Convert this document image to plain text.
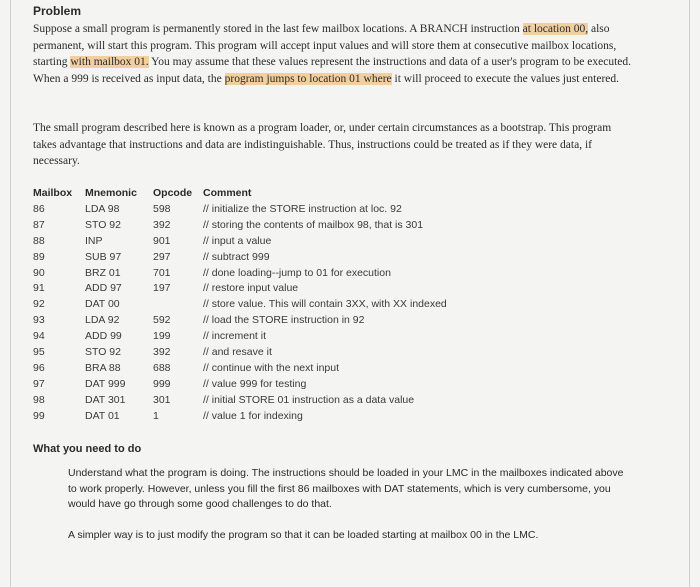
Problem
Suppose a small program is permanently stored in the last few mailbox locations. A BRANCH instruction at location 00, also permanent, will start this program. This program will accept input values and will store them at consecutive mailbox locations, starting with mailbox 01. You may assume that these values represent the instructions and data of a user's program to be executed. When a 999 is received as input data, the program jumps to location 01 where it will proceed to execute the values just entered.
The small program described here is known as a program loader, or, under certain circumstances as a bootstrap. This program takes advantage that instructions and data are indistinguishable. Thus, instructions could be treated as if they were data, if necessary.
Mailbox	Mnemonic	Opcode	Comment
86	LDA 98	598	// initialize the STORE instruction at loc. 92
87	STO 92	392	// storing the contents of mailbox 98, that is 301
88	INP	901	// input a value
89	SUB 97	297	// subtract 999
90	BRZ 01	701	// done loading--jump to 01 for execution
91	ADD 97	197	// restore input value
92	DAT 00		// store value. This will contain 3XX, with XX indexed
93	LDA 92	592	// load the STORE instruction in 92
94	ADD 99	199	// increment it
95	STO 92	392	// and resave it
96	BRA 88	688	// continue with the next input
97	DAT 999	999	// value 999 for testing
98	DAT 301	301	// initial STORE 01 instruction as a data value
99	DAT 01	1	// value 1 for indexing
What you need to do
Understand what the program is doing. The instructions should be loaded in your LMC in the mailboxes indicated above to work properly. However, unless you fill the first 86 mailboxes with DAT statements, which is very cumbersome, you would have go through some good challenges to do that.
A simpler way is to just modify the program so that it can be loaded starting at mailbox 00 in the LMC.
